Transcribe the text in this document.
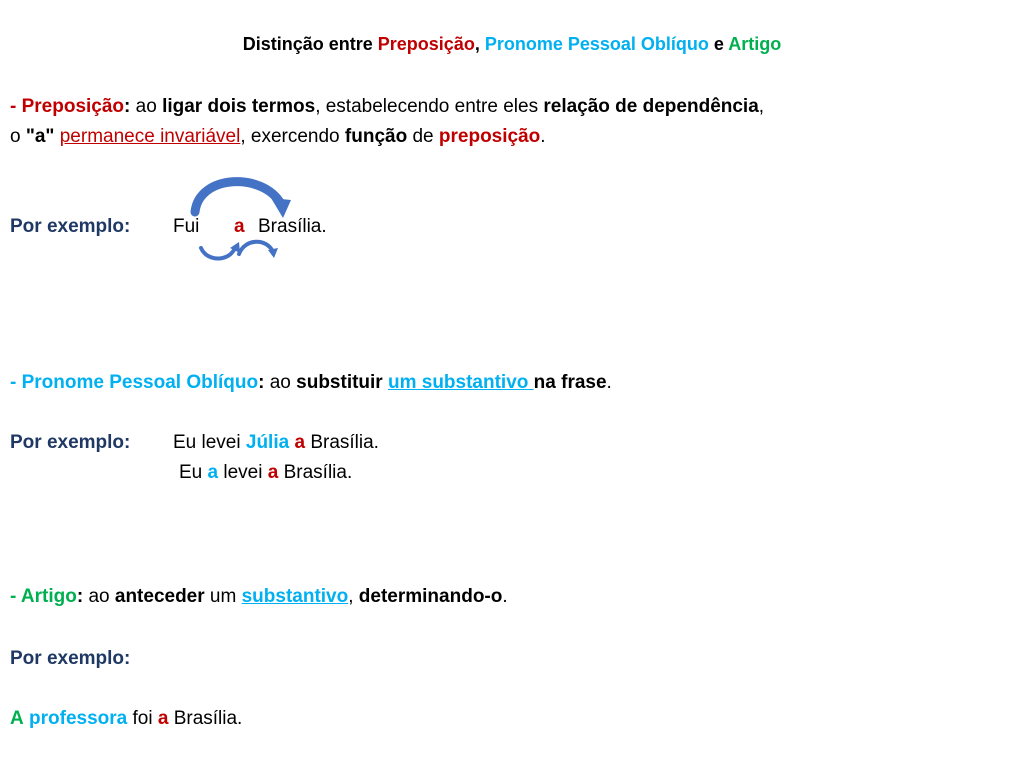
Distinção entre Preposição, Pronome Pessoal Oblíquo e Artigo
- Preposição: ao ligar dois termos, estabelecendo entre eles relação de dependência,
o "a" permanece invariável, exercendo função de preposição.
Por exemplo: Fui a Brasília.
- Pronome Pessoal Oblíquo: ao substituir um substantivo na frase.
Por exemplo: Eu levei Júlia a Brasília.
Eu a levei a Brasília.
- Artigo: ao anteceder um substantivo, determinando-o.
Por exemplo:
A professora foi a Brasília.
